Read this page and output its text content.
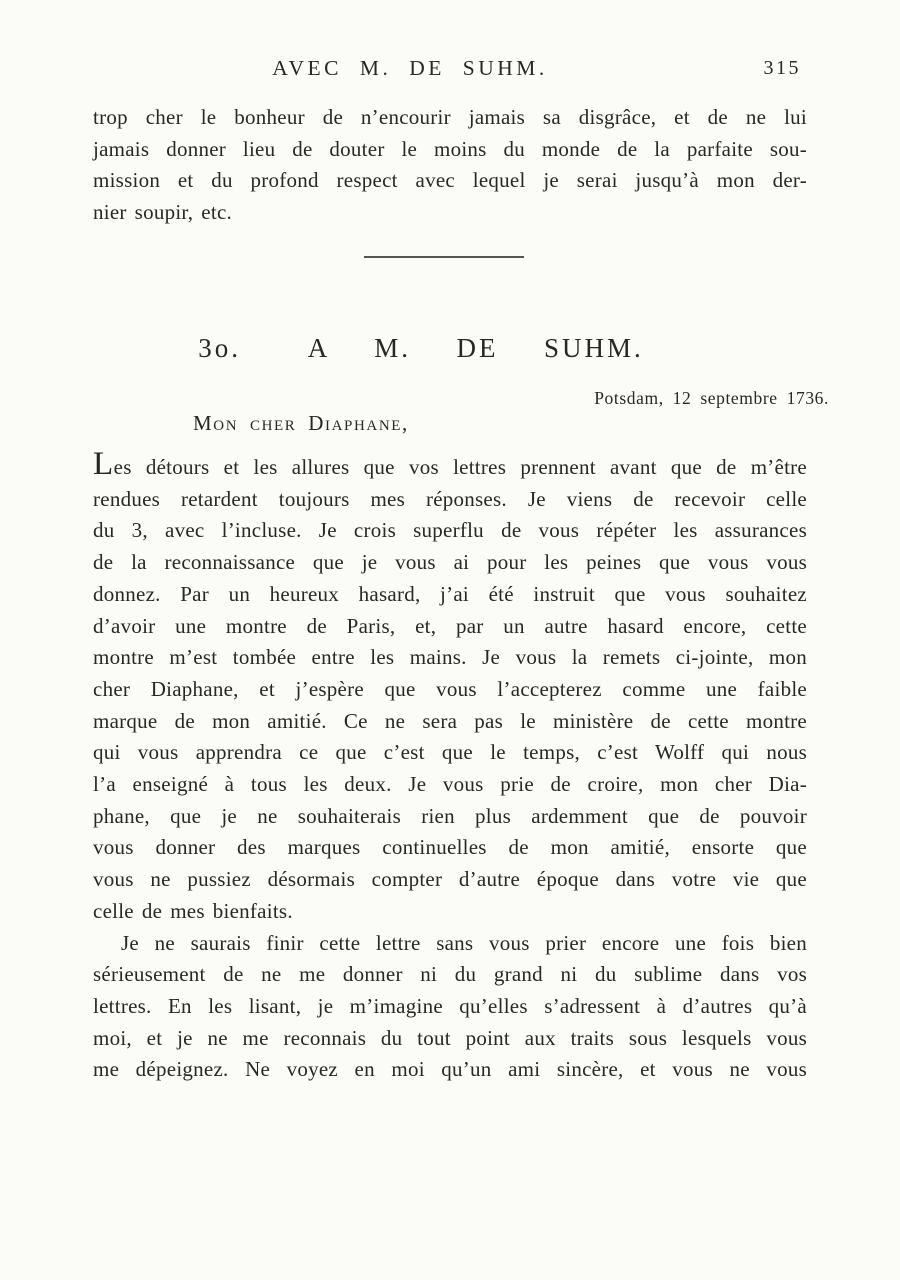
AVEC M. DE SUHM.	315
trop cher le bonheur de n’encourir jamais sa disgrâce, et de ne lui
jamais donner lieu de douter le moins du monde de la parfaite sou-
mission et du profond respect avec lequel je serai jusqu’à mon der-
nier soupir, etc.
3o.   A  M.  DE  SUHM.
Potsdam, 12 septembre 1736.
Mon cher Diaphane,
Les détours et les allures que vos lettres prennent avant que de m’être
rendues retardent toujours mes réponses. Je viens de recevoir celle
du 3, avec l’incluse. Je crois superflu de vous répéter les assurances
de la reconnaissance que je vous ai pour les peines que vous vous
donnez. Par un heureux hasard, j’ai été instruit que vous souhaitez
d’avoir une montre de Paris, et, par un autre hasard encore, cette
montre m’est tombée entre les mains. Je vous la remets ci-jointe, mon
cher Diaphane, et j’espère que vous l’accepterez comme une faible
marque de mon amitié. Ce ne sera pas le ministère de cette montre
qui vous apprendra ce que c’est que le temps, c’est Wolff qui nous
l’a enseigné à tous les deux. Je vous prie de croire, mon cher Dia-
phane, que je ne souhaiterais rien plus ardemment que de pouvoir
vous donner des marques continuelles de mon amitié, ensorte que
vous ne pussiez désormais compter d’autre époque dans votre vie que
celle de mes bienfaits.
Je ne saurais finir cette lettre sans vous prier encore une fois bien
sérieusement de ne me donner ni du grand ni du sublime dans vos
lettres. En les lisant, je m’imagine qu’elles s’adressent à d’autres qu’à
moi, et je ne me reconnais du tout point aux traits sous lesquels vous
me dépeignez. Ne voyez en moi qu’un ami sincère, et vous ne vous
